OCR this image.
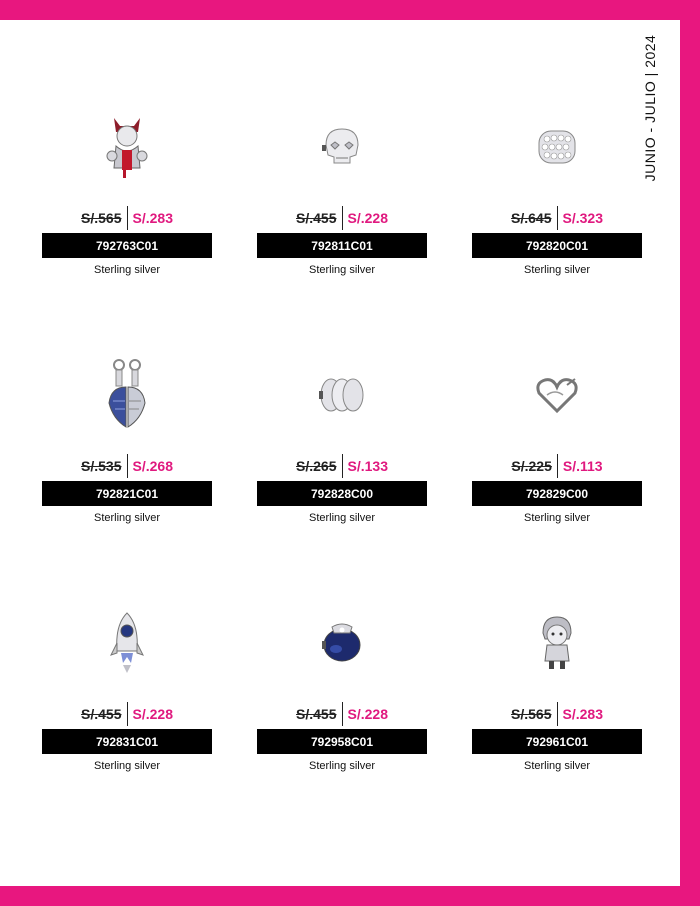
JUNIO - JULIO | 2024
S/.565 S/.283
792763C01
Sterling silver
S/.455 S/.228
792811C01
Sterling silver
S/.645 S/.323
792820C01
Sterling silver
S/.535 S/.268
792821C01
Sterling silver
S/.265 S/.133
792828C00
Sterling silver
S/.225 S/.113
792829C00
Sterling silver
S/.455 S/.228
792831C01
Sterling silver
S/.455 S/.228
792958C01
Sterling silver
S/.565 S/.283
792961C01
Sterling silver
